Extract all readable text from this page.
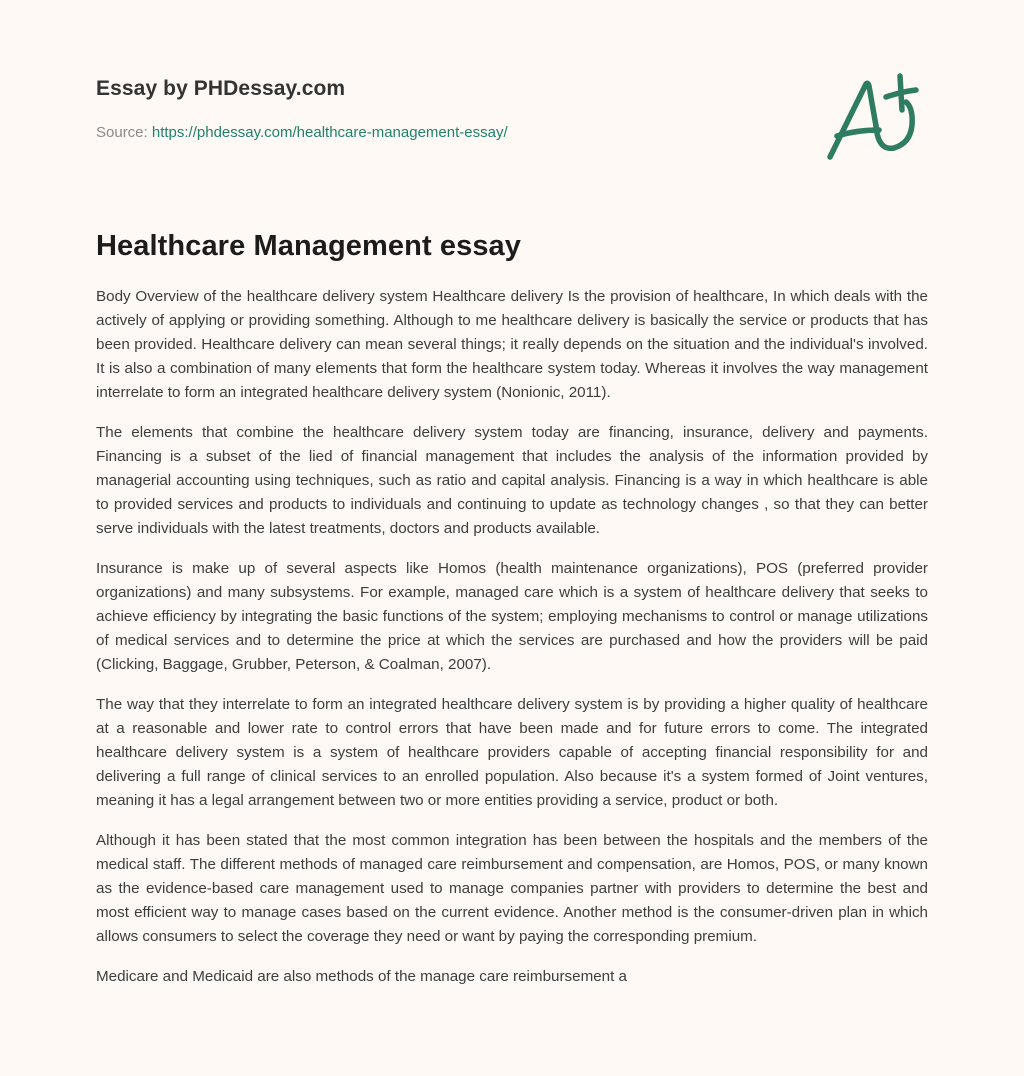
Essay by PHDessay.com
Source: https://phdessay.com/healthcare-management-essay/
Healthcare Management essay

Body Overview of the healthcare delivery system Healthcare delivery Is the provision of healthcare, In which deals with the actively of applying or providing something. Although to me healthcare delivery is basically the service or products that has been provided. Healthcare delivery can mean several things; it really depends on the situation and the individual's involved. It is also a combination of many elements that form the healthcare system today. Whereas it involves the way management interrelate to form an integrated healthcare delivery system (Nonionic, 2011).

The elements that combine the healthcare delivery system today are financing, insurance, delivery and payments. Financing is a subset of the lied of financial management that includes the analysis of the information provided by managerial accounting using techniques, such as ratio and capital analysis. Financing is a way in which healthcare is able to provided services and products to individuals and continuing to update as technology changes , so that they can better serve individuals with the latest treatments, doctors and products available.

Insurance is make up of several aspects like Homos (health maintenance organizations), POS (preferred provider organizations) and many subsystems. For example, managed care which is a system of healthcare delivery that seeks to achieve efficiency by integrating the basic functions of the system; employing mechanisms to control or manage utilizations of medical services and to determine the price at which the services are purchased and how the providers will be paid (Clicking, Baggage, Grubber, Peterson, & Coalman, 2007).

The way that they interrelate to form an integrated healthcare delivery system is by providing a higher quality of healthcare at a reasonable and lower rate to control errors that have been made and for future errors to come. The integrated healthcare delivery system is a system of healthcare providers capable of accepting financial responsibility for and delivering a full range of clinical services to an enrolled population. Also because it's a system formed of Joint ventures, meaning it has a legal arrangement between two or more entities providing a service, product or both.

Although it has been stated that the most common integration has been between the hospitals and the members of the medical staff. The different methods of managed care reimbursement and compensation, are Homos, POS, or many known as the evidence-based care management used to manage companies partner with providers to determine the best and most efficient way to manage cases based on the current evidence. Another method is the consumer-driven plan in which allows consumers to select the coverage they need or want by paying the corresponding premium.

Medicare and Medicaid are also methods of the manage care reimbursement a
